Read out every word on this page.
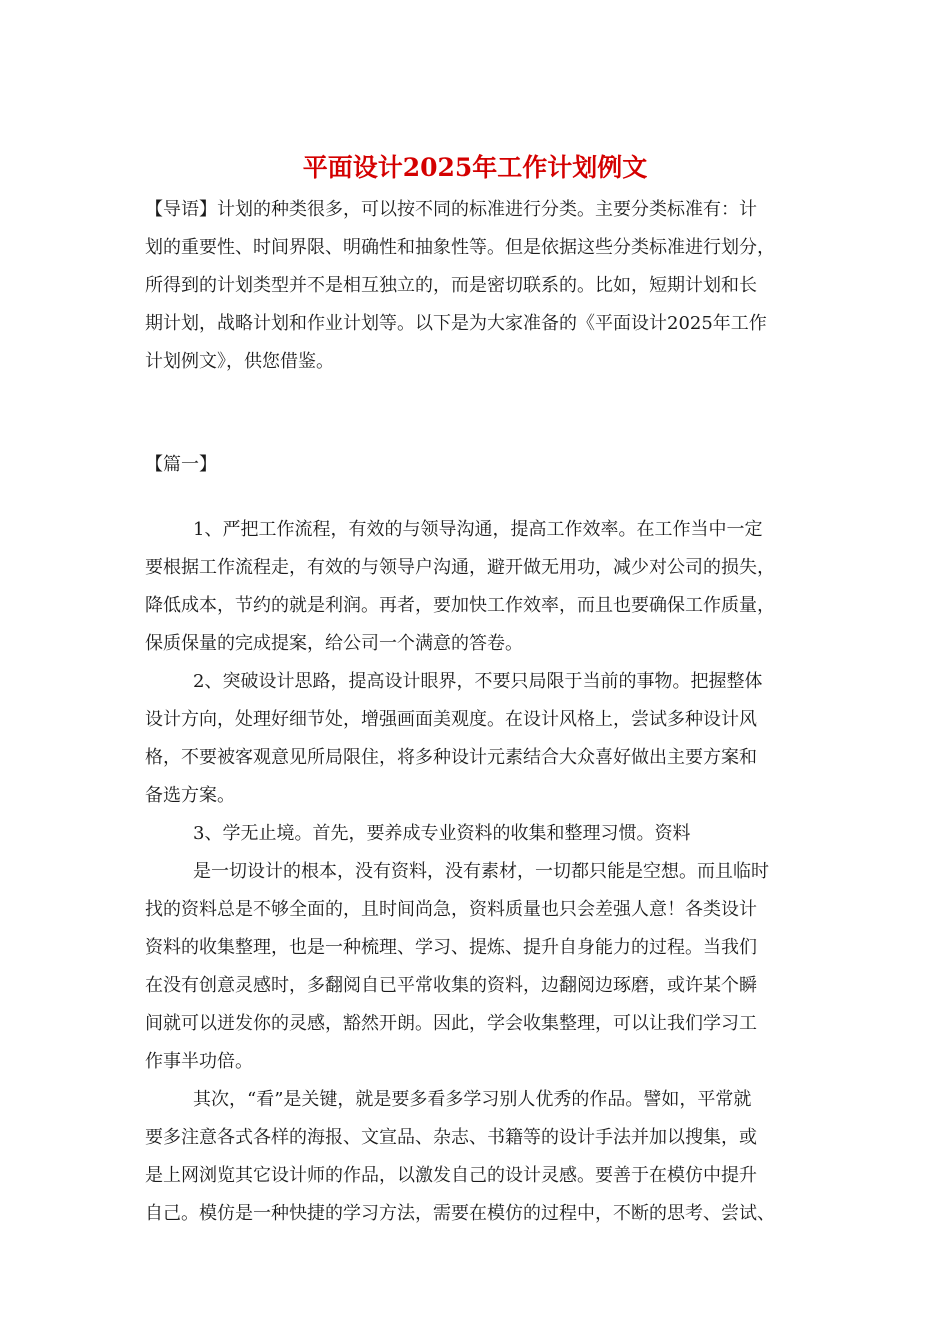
平面设计2025年工作计划例文
【导语】计划的种类很多，可以按不同的标准进行分类。主要分类标准有：计
划的重要性、时间界限、明确性和抽象性等。但是依据这些分类标准进行划分，
所得到的计划类型并不是相互独立的，而是密切联系的。比如，短期计划和长
期计划，战略计划和作业计划等。以下是为大家准备的《平面设计2025年工作
计划例文》，供您借鉴。

【篇一】

1、严把工作流程，有效的与领导沟通，提高工作效率。在工作当中一定
要根据工作流程走，有效的与领导户沟通，避开做无用功，减少对公司的损失，
降低成本，节约的就是利润。再者，要加快工作效率，而且也要确保工作质量，
保质保量的完成提案，给公司一个满意的答卷。
2、突破设计思路，提高设计眼界，不要只局限于当前的事物。把握整体
设计方向，处理好细节处，增强画面美观度。在设计风格上，尝试多种设计风
格，不要被客观意见所局限住，将多种设计元素结合大众喜好做出主要方案和
备选方案。
3、学无止境。首先，要养成专业资料的收集和整理习惯。资料
是一切设计的根本，没有资料，没有素材，一切都只能是空想。而且临时
找的资料总是不够全面的，且时间尚急，资料质量也只会差强人意！各类设计
资料的收集整理，也是一种梳理、学习、提炼、提升自身能力的过程。当我们
在没有创意灵感时，多翻阅自已平常收集的资料，边翻阅边琢磨，或许某个瞬
间就可以迸发你的灵感，豁然开朗。因此，学会收集整理，可以让我们学习工
作事半功倍。
其次，“看”是关键，就是要多看多学习别人优秀的作品。譬如，平常就
要多注意各式各样的海报、文宣品、杂志、书籍等的设计手法并加以搜集，或
是上网浏览其它设计师的作品，以激发自己的设计灵感。要善于在模仿中提升
自己。模仿是一种快捷的学习方法，需要在模仿的过程中，不断的思考、尝试、
